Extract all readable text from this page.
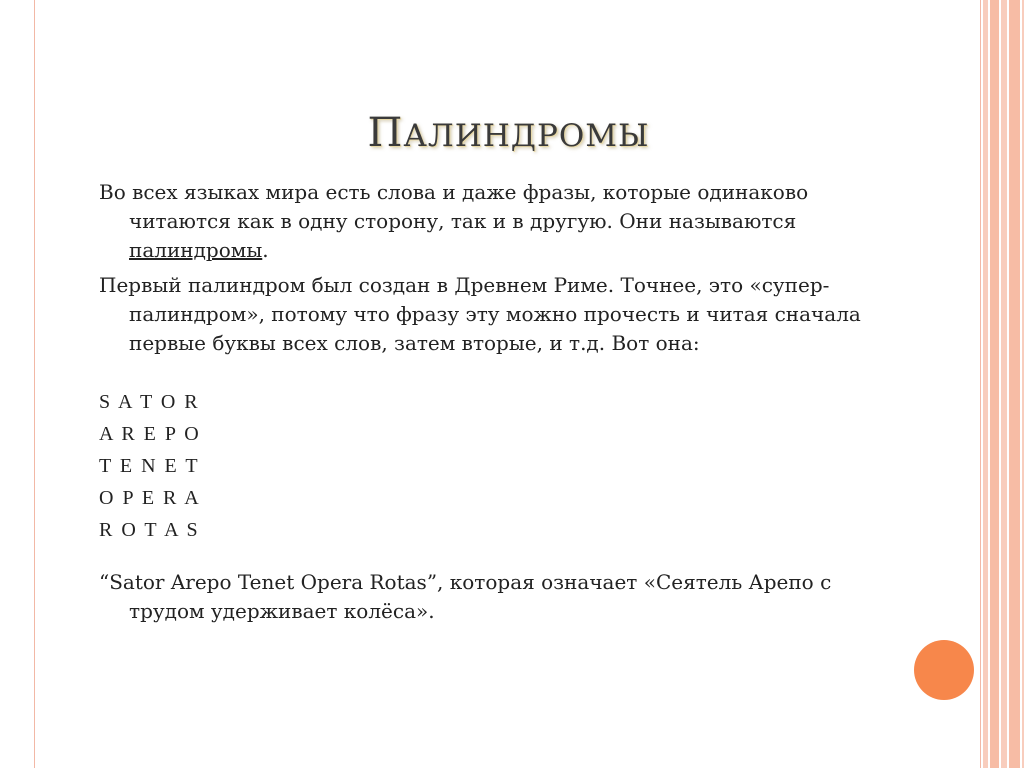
ПАЛИНДРОМЫ

Во всех языках мира есть слова и даже фразы, которые одинаково читаются как в одну сторону, так и в другую. Они называются палиндромы.

Первый палиндром был создан в Древнем Риме. Точнее, это «супер-палиндром», потому что фразу эту можно прочесть и читая сначала первые буквы всех слов, затем вторые, и т.д. Вот она:

S A T O R

A R E P O

T E N E T

O P E R A

R O T A S

“Sator Arepo Tenet Opera Rotas”, которая означает «Сеятель Арепо с трудом удерживает колёса».
